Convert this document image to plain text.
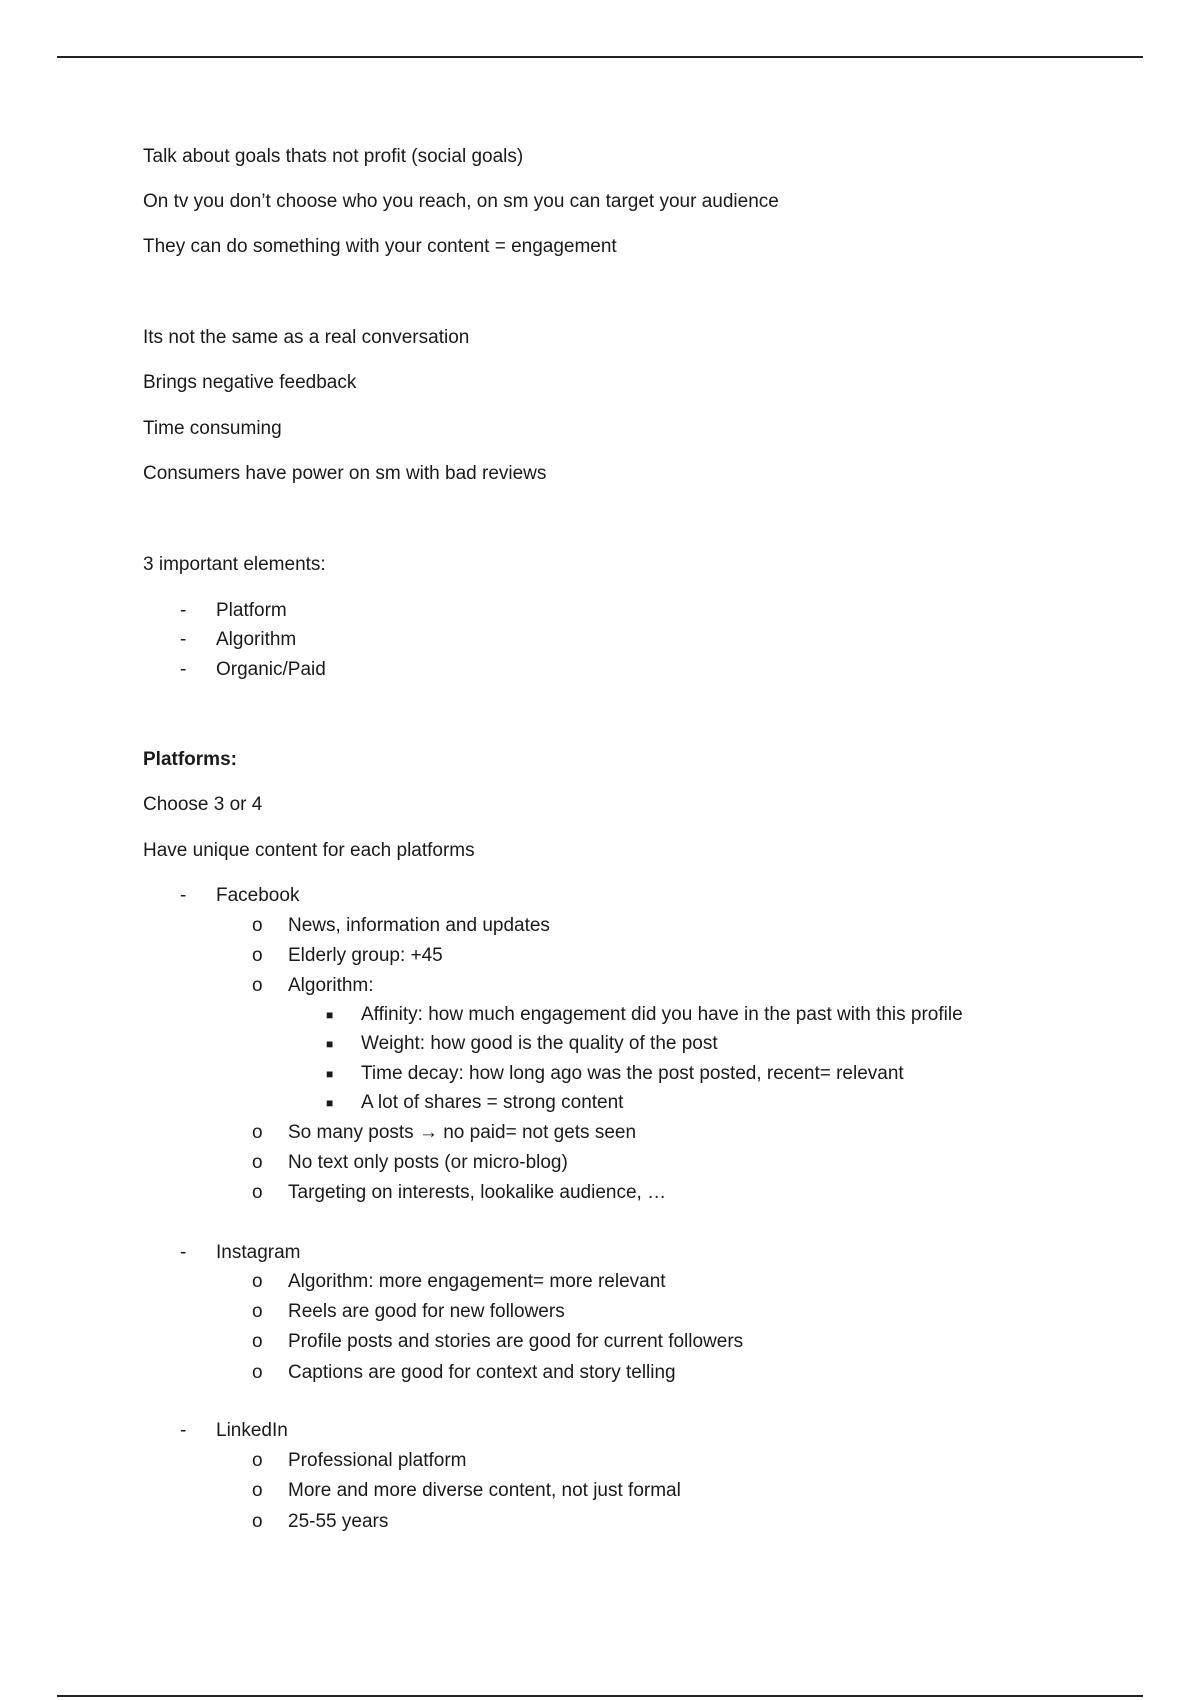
Talk about goals thats not profit (social goals)
On tv you don’t choose who you reach, on sm you can target your audience
They can do something with your content = engagement
Its not the same as a real conversation
Brings negative feedback
Time consuming
Consumers have power on sm with bad reviews
3 important elements:
- Platform
- Algorithm
- Organic/Paid
Platforms:
Choose 3 or 4
Have unique content for each platforms
- Facebook
o News, information and updates
o Elderly group: +45
o Algorithm:
■ Affinity: how much engagement did you have in the past with this profile
■ Weight: how good is the quality of the post
■ Time decay: how long ago was the post posted, recent= relevant
■ A lot of shares = strong content
o So many posts → no paid= not gets seen
o No text only posts (or micro-blog)
o Targeting on interests, lookalike audience, …
- Instagram
o Algorithm: more engagement= more relevant
o Reels are good for new followers
o Profile posts and stories are good for current followers
o Captions are good for context and story telling
- LinkedIn
o Professional platform
o More and more diverse content, not just formal
o 25-55 years
